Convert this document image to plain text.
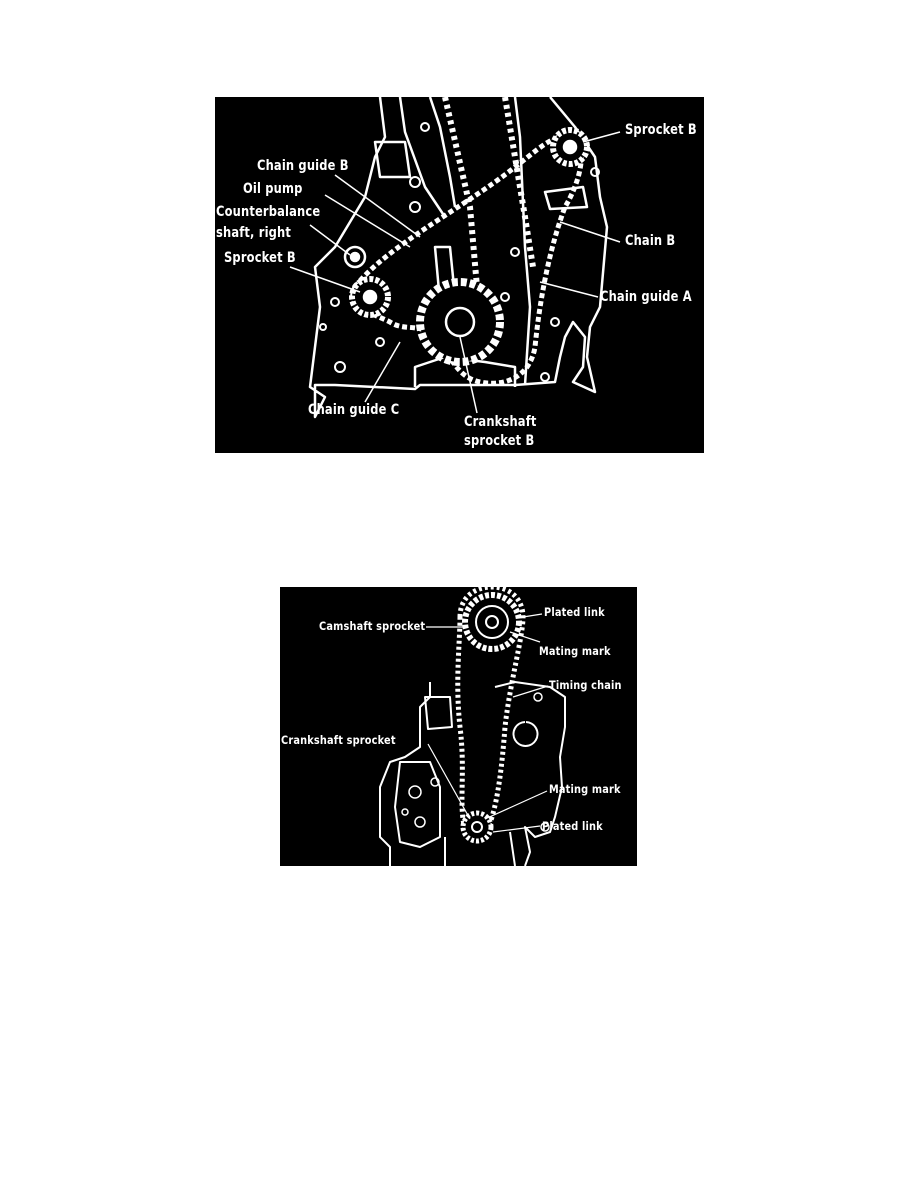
Sprocket B
Chain guide B
Oil pump
Counterbalance
shaft, right
Sprocket B
Chain B
Chain guide A
Chain guide C
Crankshaft
sprocket B
Plated link
Camshaft sprocket
Mating mark
Timing chain
Crankshaft sprocket
Mating mark
Plated link
